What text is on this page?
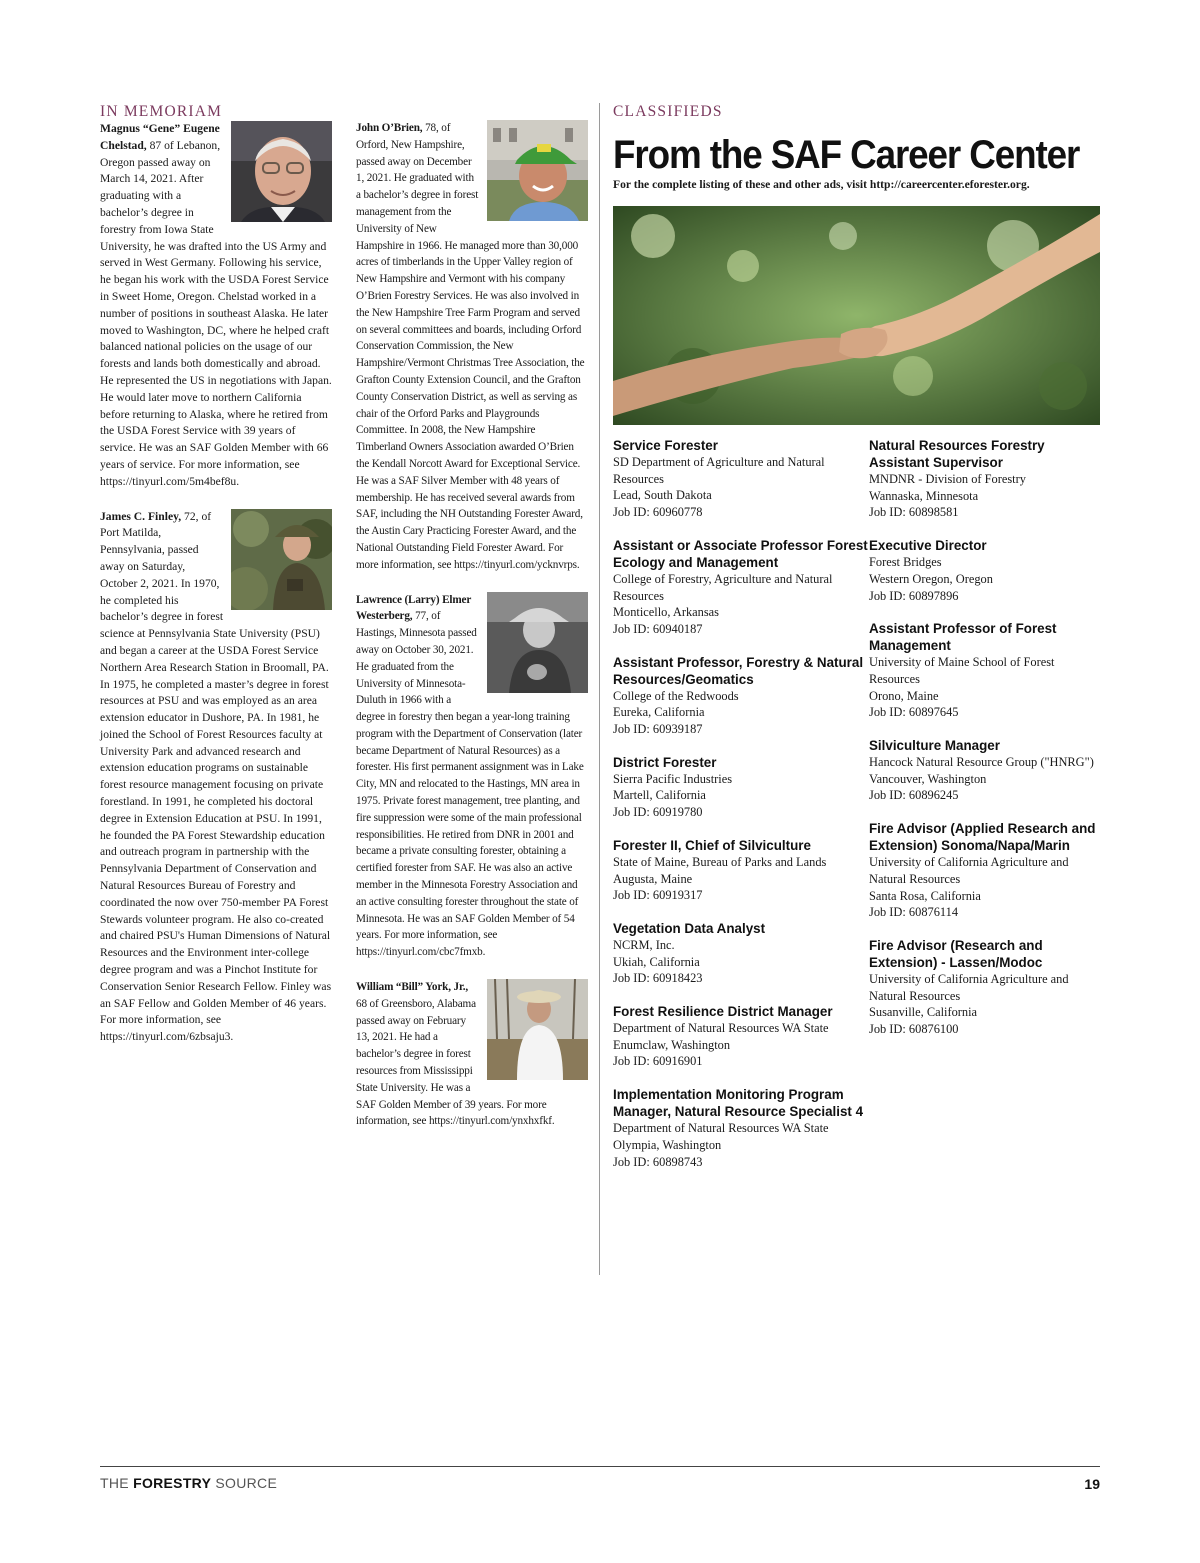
IN MEMORIAM

Magnus “Gene” Eugene Chelstad, 87 of Lebanon, Oregon passed away on March 14, 2021. After graduating with a bachelor’s degree in forestry from Iowa State University, he was drafted into the US Army and served in West Germany. Following his service, he began his work with the USDA Forest Service in Sweet Home, Oregon. Chelstad worked in a number of positions in southeast Alaska. He later moved to Washington, DC, where he helped craft balanced national policies on the usage of our forests and lands both domestically and abroad. He represented the US in negotiations with Japan. He would later move to northern California before returning to Alaska, where he retired from the USDA Forest Service with 39 years of service. He was an SAF Golden Member with 66 years of service. For more information, see https://tinyurl.com/5m4bef8u.

James C. Finley, 72, of Port Matilda, Pennsylvania, passed away on Saturday, October 2, 2021. In 1970, he completed his bachelor’s degree in forest science at Pennsylvania State University (PSU) and began a career at the USDA Forest Service Northern Area Research Station in Broomall, PA. In 1975, he completed a master’s degree in forest resources at PSU and was employed as an area extension educator in Dushore, PA. In 1981, he joined the School of Forest Resources faculty at University Park and advanced research and extension education programs on sustainable forest resource management focusing on private forestland. In 1991, he completed his doctoral degree in Extension Education at PSU. In 1991, he founded the PA Forest Stewardship education and outreach program in partnership with the Pennsylvania Department of Conservation and Natural Resources Bureau of Forestry and coordinated the now over 750-member PA Forest Stewards volunteer program. He also co-created and chaired PSU's Human Dimensions of Natural Resources and the Environment inter-college degree program and was a Pinchot Institute for Conservation Senior Research Fellow. Finley was an SAF Fellow and Golden Member of 46 years. For more information, see https://tinyurl.com/6zbsaju3.

John O’Brien, 78, of Orford, New Hampshire, passed away on December 1, 2021. He graduated with a bachelor’s degree in forest management from the University of New Hampshire in 1966. He managed more than 30,000 acres of timberlands in the Upper Valley region of New Hampshire and Vermont with his company O’Brien Forestry Services. He was also involved in the New Hampshire Tree Farm Program and served on several committees and boards, including Orford Conservation Commission, the New Hampshire/Vermont Christmas Tree Association, the Grafton County Extension Council, and the Grafton County Conservation District, as well as serving as chair of the Orford Parks and Playgrounds Committee. In 2008, the New Hampshire Timberland Owners Association awarded O’Brien the Kendall Norcott Award for Exceptional Service. He was a SAF Silver Member with 48 years of membership. He has received several awards from SAF, including the NH Outstanding Forester Award, the Austin Cary Practicing Forester Award, and the National Outstanding Field Forester Award. For more information, see https://tinyurl.com/ycknvrps.

Lawrence (Larry) Elmer Westerberg, 77, of Hastings, Minnesota passed away on October 30, 2021. He graduated from the University of Minnesota-Duluth in 1966 with a degree in forestry then began a year-long training program with the Department of Conservation (later became Department of Natural Resources) as a forester. His first permanent assignment was in Lake City, MN and relocated to the Hastings, MN area in 1975. Private forest management, tree planting, and fire suppression were some of the main professional responsibilities. He retired from DNR in 2001 and became a private consulting forester, obtaining a certified forester from SAF. He was also an active member in the Minnesota Forestry Association and an active consulting forester throughout the state of Minnesota. He was an SAF Golden Member of 54 years. For more information, see https://tinyurl.com/cbc7fmxb.

William “Bill” York, Jr., 68 of Greensboro, Alabama passed away on February 13, 2021. He had a bachelor’s degree in forest resources from Mississippi State University. He was a SAF Golden Member of 39 years. For more information, see https://tinyurl.com/ynxhxfkf.

CLASSIFIEDS
From the SAF Career Center
For the complete listing of these and other ads, visit http://careercenter.eforester.org.
Service Forester
SD Department of Agriculture and Natural Resources
Lead, South Dakota
Job ID: 60960778
Assistant or Associate Professor Forest Ecology and Management
College of Forestry, Agriculture and Natural Resources
Monticello, Arkansas
Job ID: 60940187
Assistant Professor, Forestry & Natural Resources/Geomatics
College of the Redwoods
Eureka, California
Job ID: 60939187
District Forester
Sierra Pacific Industries
Martell, California
Job ID: 60919780
Forester II, Chief of Silviculture
State of Maine, Bureau of Parks and Lands
Augusta, Maine
Job ID: 60919317
Vegetation Data Analyst
NCRM, Inc.
Ukiah, California
Job ID: 60918423
Forest Resilience District Manager
Department of Natural Resources WA State
Enumclaw, Washington
Job ID: 60916901
Implementation Monitoring Program Manager, Natural Resource Specialist 4
Department of Natural Resources WA State
Olympia, Washington
Job ID: 60898743
Natural Resources Forestry Assistant Supervisor
MNDNR - Division of Forestry
Wannaska, Minnesota
Job ID: 60898581
Executive Director
Forest Bridges
Western Oregon, Oregon
Job ID: 60897896
Assistant Professor of Forest Management
University of Maine School of Forest Resources
Orono, Maine
Job ID: 60897645
Silviculture Manager
Hancock Natural Resource Group ("HNRG")
Vancouver, Washington
Job ID: 60896245
Fire Advisor (Applied Research and Extension) Sonoma/Napa/Marin
University of California Agriculture and Natural Resources
Santa Rosa, California
Job ID: 60876114
Fire Advisor (Research and Extension) - Lassen/Modoc
University of California Agriculture and Natural Resources
Susanville, California
Job ID: 60876100
THE FORESTRY SOURCE	19
